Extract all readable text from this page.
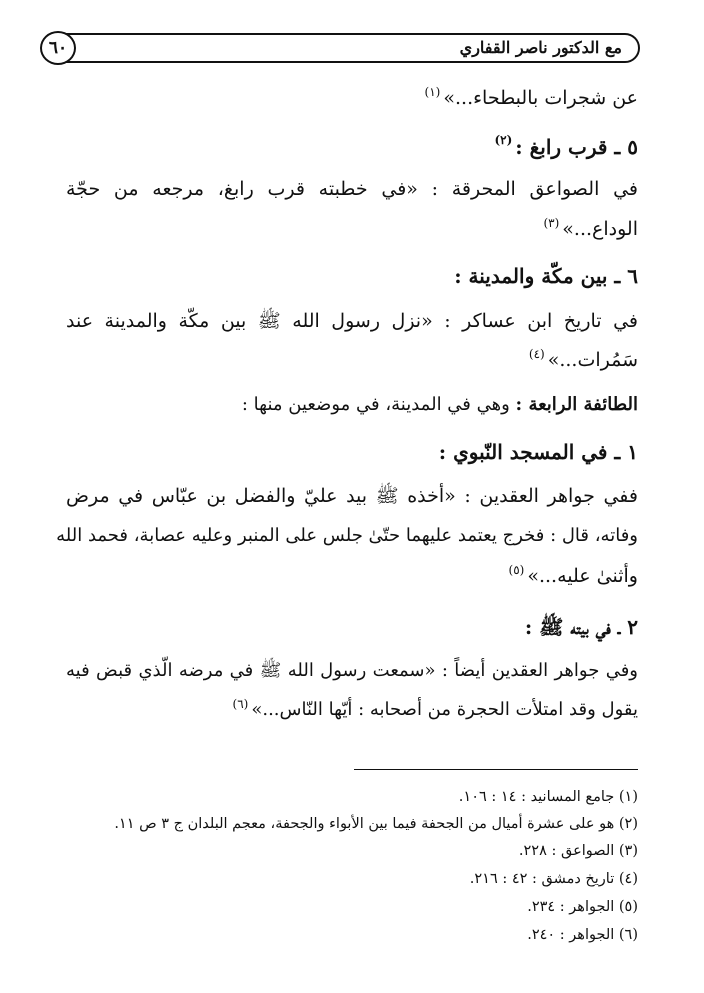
مع الدكتور ناصر القفاري
٦٠
عن شجرات بالبطحاء...»$^{(١)}$
٥ ـ قرب رابغ :$^{(٢)}$
في الصواعق المحرقة : «في خطبته قرب رابغ، مرجعه من حجّة
الوداع...»$^{(٣)}$
٦ ـ بين مكّة والمدينة :
في تاريخ ابن عساكر : «نزل رسول الله ﷺ بين مكّة والمدينة عند
سَمُرات...»$^{(٤)}$
الطائفة الرابعة : وهي في المدينة، في موضعين منها :
١ ـ في المسجد النّبوي :
ففي جواهر العقدين : «أخذه ﷺ بيد عليّ والفضل بن عبّاس في مرض
وفاته، قال : فخرج يعتمد عليهما حتّىٰ جلس على المنبر وعليه عصابة، فحمد الله
وأثنىٰ عليه...»$^{(٥)}$
٢ ـ في بيته ﷺ :
وفي جواهر العقدين أيضاً : «سمعت رسول الله ﷺ في مرضه الّذي قبض فيه
يقول وقد امتلأت الحجرة من أصحابه : أيّها النّاس...»$^{(٦)}$
(١) جامع المسانيد : ١٤ : ١٠٦.
(٢) هو على عشرة أميال من الجحفة فيما بين الأبواء والجحفة، معجم البلدان ج ٣ ص ١١.
(٣) الصواعق : ٢٢٨.
(٤) تاريخ دمشق : ٤٢ : ٢١٦.
(٥) الجواهر : ٢٣٤.
(٦) الجواهر : ٢٤٠.
